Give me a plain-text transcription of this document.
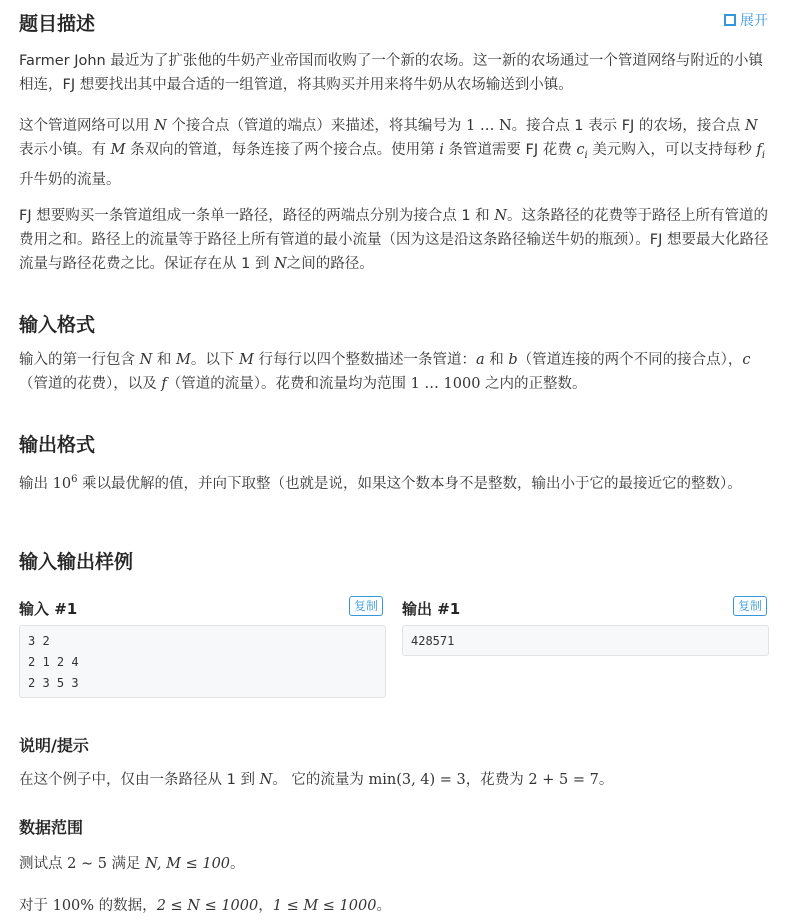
题目描述	展开
Farmer John 最近为了扩张他的牛奶产业帝国而收购了一个新的农场。这一新的农场通过一个管道网络与附近的小镇相连，FJ 想要找出其中最合适的一组管道，将其购买并用来将牛奶从农场输送到小镇。
这个管道网络可以用 N 个接合点（管道的端点）来描述，将其编号为 1 … N。接合点 1 表示 FJ 的农场，接合点 N 表示小镇。有 M 条双向的管道，每条连接了两个接合点。使用第 i 条管道需要 FJ 花费 $c_i$ 美元购入，可以支持每秒 $f_i$ 升牛奶的流量。
FJ 想要购买一条管道组成一条单一路径，路径的两端点分别为接合点 1 和 N。这条路径的花费等于路径上所有管道的费用之和。路径上的流量等于路径上所有管道的最小流量（因为这是沿这条路径输送牛奶的瓶颈）。FJ 想要最大化路径流量与路径花费之比。保证存在从 1 到 N之间的路径。
输入格式
输入的第一行包含 N 和 M。以下 M 行每行以四个整数描述一条管道：a 和 b（管道连接的两个不同的接合点），c（管道的花费），以及 f（管道的流量）。花费和流量均为范围 1 … 1000 之内的正整数。
输出格式
输出 $10^6$ 乘以最优解的值，并向下取整（也就是说，如果这个数本身不是整数，输出小于它的最接近它的整数）。
输入输出样例
输入 #1	复制
3 2
2 1 2 4
2 3 5 3
输出 #1	复制
428571
说明/提示
在这个例子中，仅由一条路径从 1 到 N。 它的流量为 min(3, 4) = 3，花费为 2 + 5 = 7。
数据范围
测试点 2 ∼ 5 满足 N, M ≤ 100。
对于 100% 的数据，2 ≤ N ≤ 1000，1 ≤ M ≤ 1000。
